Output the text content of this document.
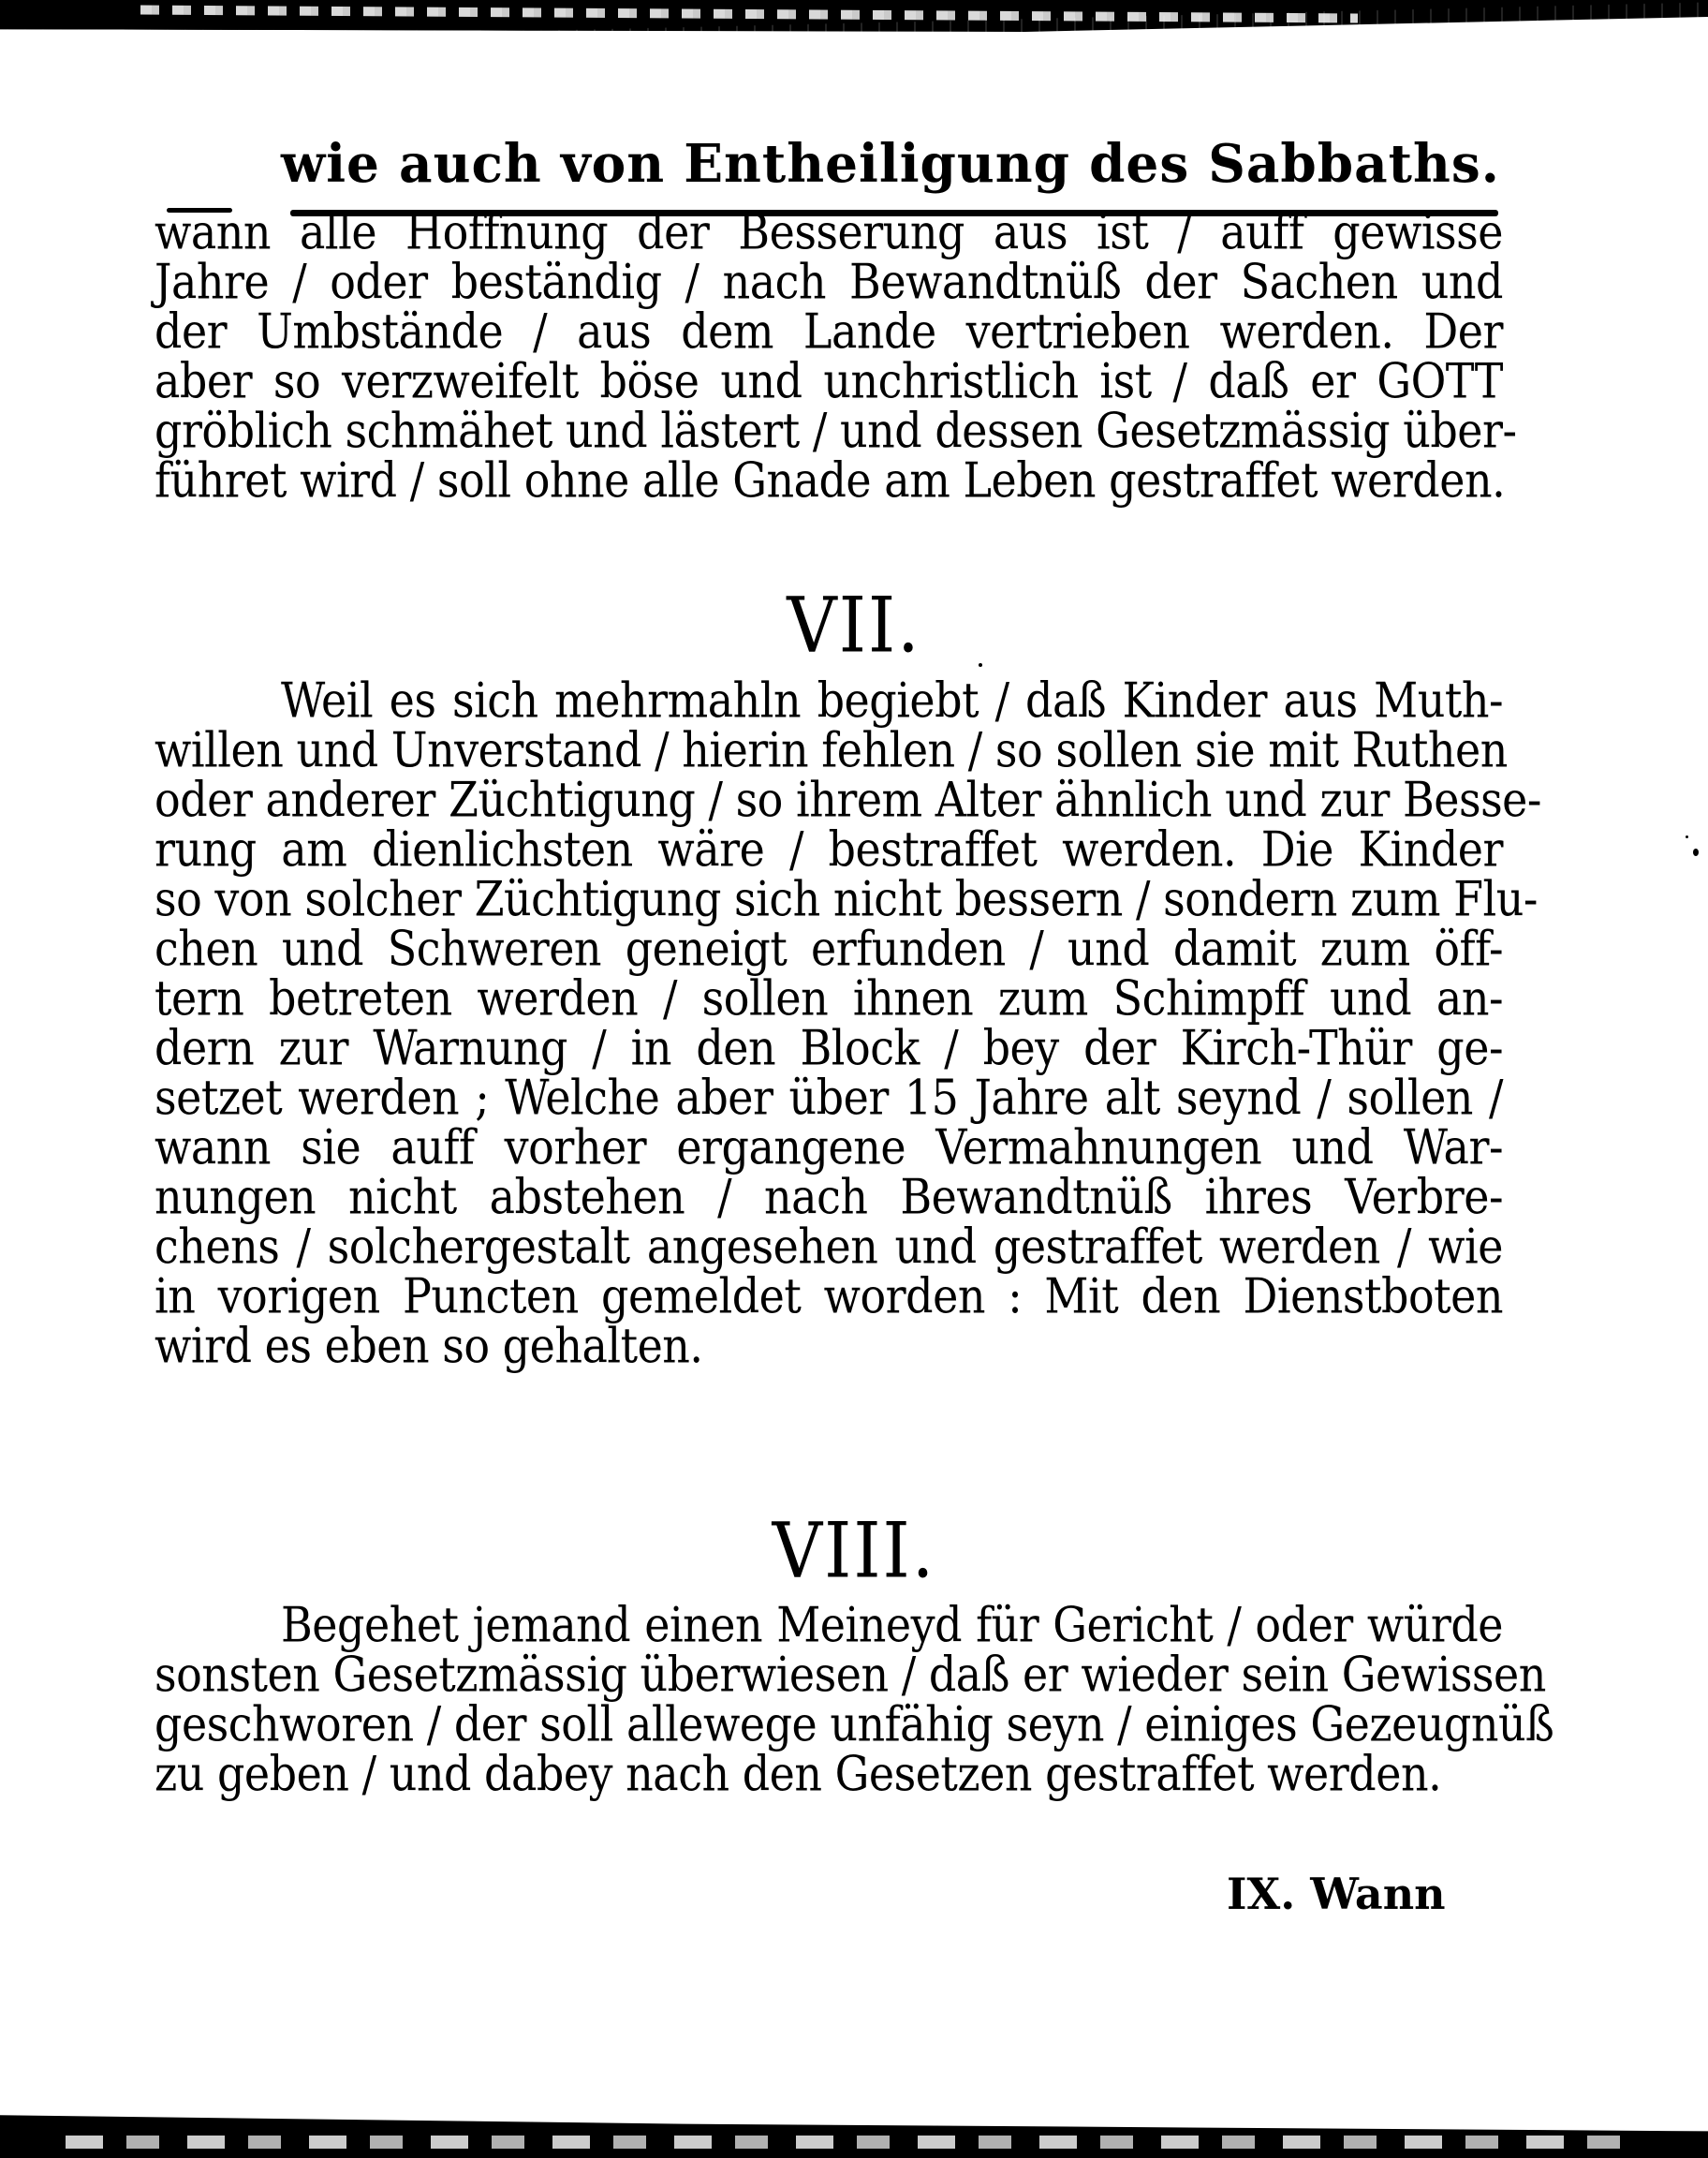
wie auch von Entheiligung des Sabbaths.
wann alle Hoffnung der Besserung aus ist / auff gewisse
Jahre / oder beständig / nach Bewandtnüß der Sachen und
der Umbstände / aus dem Lande vertrieben werden. Der
aber so verzweifelt böse und unchristlich ist / daß er GOTT
gröblich schmähet und lästert / und dessen Gesetzmässig über-
führet wird / soll ohne alle Gnade am Leben gestraffet werden.
VII.
Weil es sich mehrmahln begiebt / daß Kinder aus Muth-
willen und Unverstand / hierin fehlen / so sollen sie mit Ruthen
oder anderer Züchtigung / so ihrem Alter ähnlich und zur Besse-
rung am dienlichsten wäre / bestraffet werden. Die Kinder
so von solcher Züchtigung sich nicht bessern / sondern zum Flu-
chen und Schweren geneigt erfunden / und damit zum öff-
tern betreten werden / sollen ihnen zum Schimpff und an-
dern zur Warnung / in den Block / bey der Kirch-Thür ge-
setzet werden ; Welche aber über 15 Jahre alt seynd / sollen /
wann sie auff vorher ergangene Vermahnungen und War-
nungen nicht abstehen / nach Bewandtnüß ihres Verbre-
chens / solchergestalt angesehen und gestraffet werden / wie
in vorigen Puncten gemeldet worden : Mit den Dienstboten
wird es eben so gehalten.
VIII.
Begehet jemand einen Meineyd für Gericht / oder würde
sonsten Gesetzmässig überwiesen / daß er wieder sein Gewissen
geschworen / der soll allewege unfähig seyn / einiges Gezeugnüß
zu geben / und dabey nach den Gesetzen gestraffet werden.
IX. Wann
